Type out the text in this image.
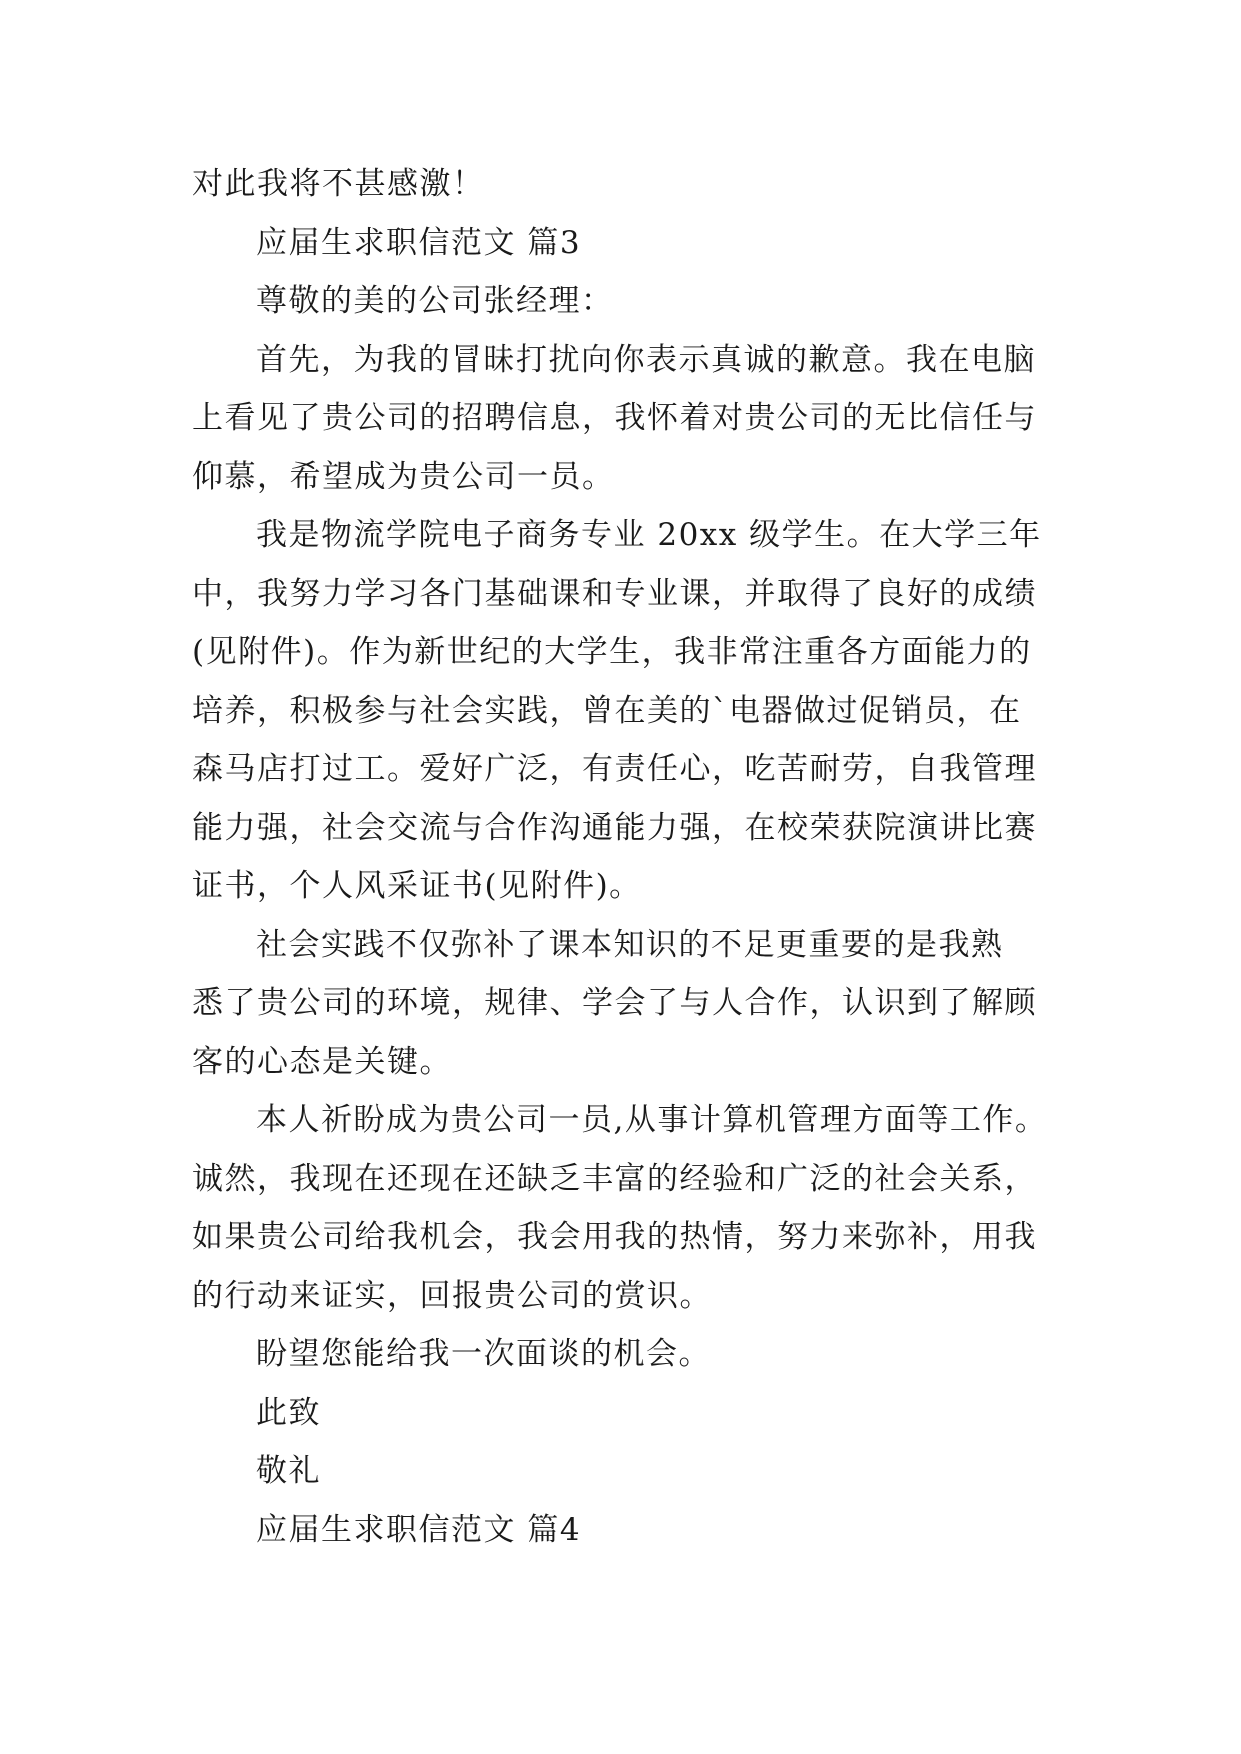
对此我将不甚感激！
应届生求职信范文 篇3
尊敬的美的公司张经理：
首先，为我的冒昧打扰向你表示真诚的歉意。我在电脑
上看见了贵公司的招聘信息，我怀着对贵公司的无比信任与
仰慕，希望成为贵公司一员。
我是物流学院电子商务专业 20xx 级学生。在大学三年
中，我努力学习各门基础课和专业课，并取得了良好的成绩
(见附件)。作为新世纪的大学生，我非常注重各方面能力的
培养，积极参与社会实践，曾在美的`电器做过促销员，在
森马店打过工。爱好广泛，有责任心，吃苦耐劳，自我管理
能力强，社会交流与合作沟通能力强，在校荣获院演讲比赛
证书，个人风采证书(见附件)。
社会实践不仅弥补了课本知识的不足更重要的是我熟
悉了贵公司的环境，规律、学会了与人合作，认识到了解顾
客的心态是关键。
本人祈盼成为贵公司一员,从事计算机管理方面等工作。
诚然，我现在还现在还缺乏丰富的经验和广泛的社会关系，
如果贵公司给我机会，我会用我的热情，努力来弥补，用我
的行动来证实，回报贵公司的赏识。
盼望您能给我一次面谈的机会。
此致
敬礼
应届生求职信范文 篇4
